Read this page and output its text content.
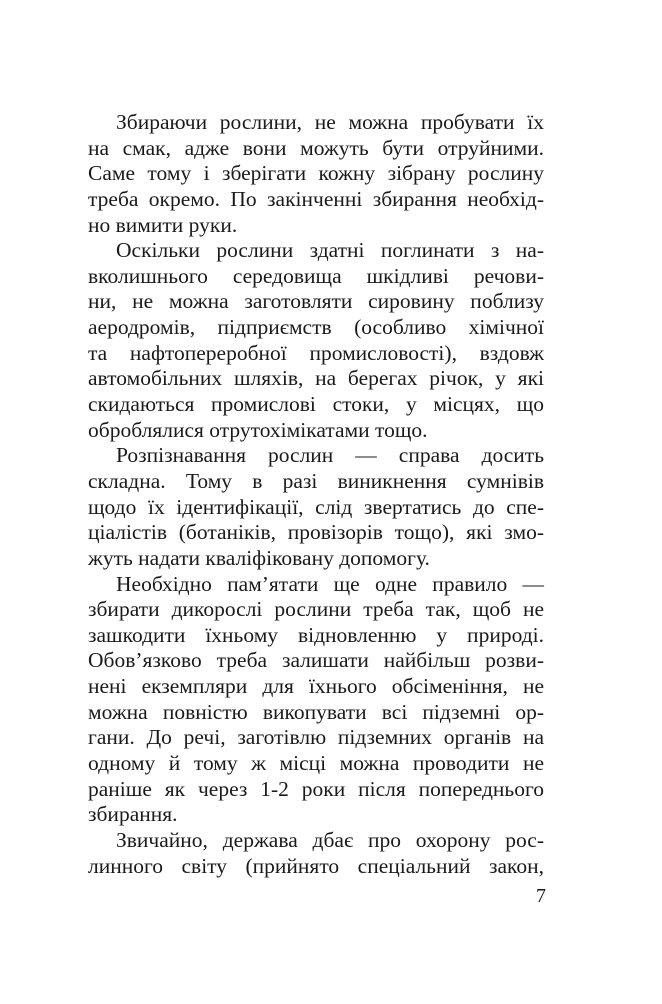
Збираючи рослини, не можна пробувати їх
на смак, адже вони можуть бути отруйними.
Саме тому і зберігати кожну зібрану рослину
треба окремо. По закінченні збирання необхід-
но вимити руки.
Оскільки рослини здатні поглинати з на-
вколишнього середовища шкідливі речови-
ни, не можна заготовляти сировину поблизу
аеродромів, підприємств (особливо хімічної
та нафтопереробної промисловості), вздовж
автомобільних шляхів, на берегах річок, у які
скидаються промислові стоки, у місцях, що
оброблялися отрутохімікатами тощо.
Розпізнавання рослин — справа досить
складна. Тому в разі виникнення сумнівів
щодо їх ідентифікації, слід звертатись до спе-
ціалістів (ботаніків, провізорів тощо), які змо-
жуть надати кваліфіковану допомогу.
Необхідно пам’ятати ще одне правило —
збирати дикорослі рослини треба так, щоб не
зашкодити їхньому відновленню у природі.
Обов’язково треба залишати найбільш розви-
нені екземпляри для їхнього обсіменіння, не
можна повністю викопувати всі підземні ор-
гани. До речі, заготівлю підземних органів на
одному й тому ж місці можна проводити не
раніше як через 1-2 роки після попереднього
збирання.
Звичайно, держава дбає про охорону рос-
линного світу (прийнято спеціальний закон,
7
